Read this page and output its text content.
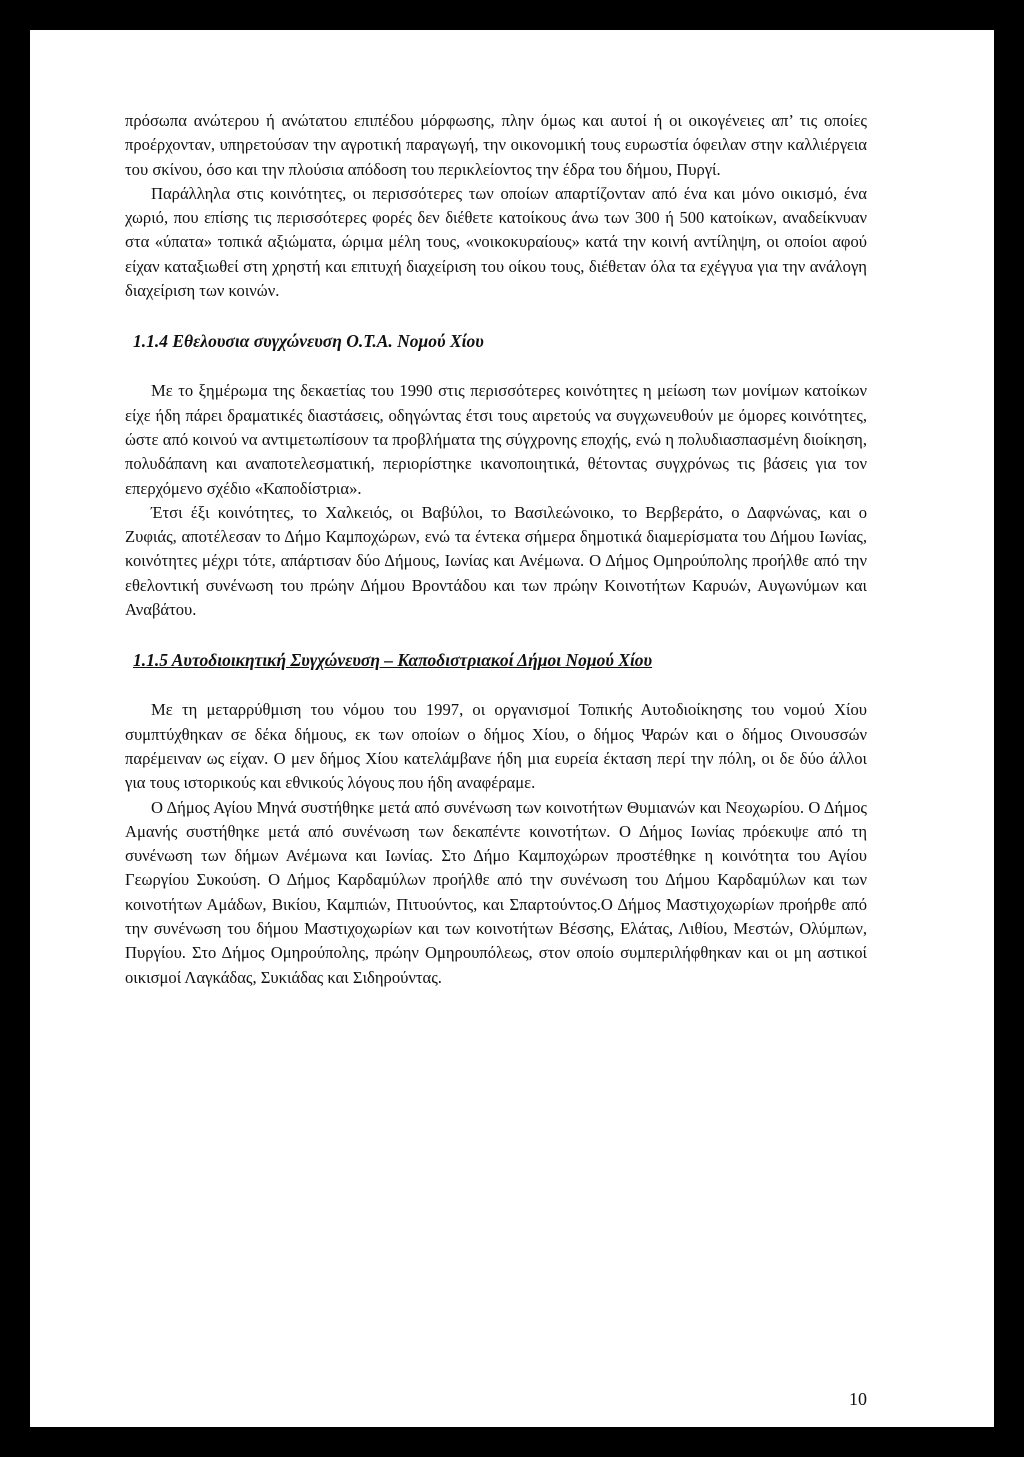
πρόσωπα ανώτερου ή ανώτατου επιπέδου μόρφωσης, πλην όμως και αυτοί ή οι οικογένειες απ’ τις οποίες προέρχονταν, υπηρετούσαν την αγροτική παραγωγή, την οικονομική τους ευρωστία όφειλαν στην καλλιέργεια του σκίνου, όσο και την πλούσια απόδοση του περικλείοντος την έδρα του δήμου, Πυργί.

Παράλληλα στις κοινότητες, οι περισσότερες των οποίων απαρτίζονταν από ένα και μόνο οικισμό, ένα χωριό, που επίσης τις περισσότερες φορές δεν διέθετε κατοίκους άνω των 300 ή 500 κατοίκων, αναδείκνυαν στα «ύπατα» τοπικά αξιώματα, ώριμα μέλη τους, «νοικοκυραίους» κατά την κοινή αντίληψη, οι οποίοι αφού είχαν καταξιωθεί στη χρηστή και επιτυχή διαχείριση του οίκου τους, διέθεταν όλα τα εχέγγυα για την ανάλογη διαχείριση των κοινών.

1.1.4 Εθελουσια συγχώνευση Ο.Τ.Α. Νομού Χίου

Με το ξημέρωμα της δεκαετίας του 1990 στις περισσότερες κοινότητες η μείωση των μονίμων κατοίκων είχε ήδη πάρει δραματικές διαστάσεις, οδηγώντας έτσι τους αιρετούς να συγχωνευθούν με όμορες κοινότητες, ώστε από κοινού να αντιμετωπίσουν τα προβλήματα της σύγχρονης εποχής, ενώ η πολυδιασπασμένη διοίκηση, πολυδάπανη και αναποτελεσματική, περιορίστηκε ικανοποιητικά, θέτοντας συγχρόνως τις βάσεις για τον επερχόμενο σχέδιο «Καποδίστρια».

Έτσι έξι κοινότητες, το Χαλκειός, οι Βαβύλοι, το Βασιλεώνοικο, το Βερβεράτο, ο Δαφνώνας, και ο Ζυφιάς, αποτέλεσαν το Δήμο Καμποχώρων, ενώ τα έντεκα σήμερα δημοτικά διαμερίσματα του Δήμου Ιωνίας, κοινότητες μέχρι τότε, απάρτισαν δύο Δήμους, Ιωνίας και Ανέμωνα. Ο Δήμος Ομηρούπολης προήλθε από την εθελοντική συνένωση του πρώην Δήμου Βροντάδου και των πρώην Κοινοτήτων Καρυών, Αυγωνύμων και Αναβάτου.

1.1.5 Αυτοδιοικητική Συγχώνευση – Καποδιστριακοί Δήμοι Νομού Χίου

Με τη μεταρρύθμιση του νόμου του 1997, οι οργανισμοί Τοπικής Αυτοδιοίκησης του νομού Χίου συμπτύχθηκαν σε δέκα δήμους, εκ των οποίων ο δήμος Χίου, ο δήμος Ψαρών και ο δήμος Οινουσσών παρέμειναν ως είχαν. Ο μεν δήμος Χίου κατελάμβανε ήδη μια ευρεία έκταση περί την πόλη, οι δε δύο άλλοι για τους ιστορικούς και εθνικούς λόγους που ήδη αναφέραμε.

Ο Δήμος Αγίου Μηνά συστήθηκε μετά από συνένωση των κοινοτήτων Θυμιανών και Νεοχωρίου. Ο Δήμος Αμανής συστήθηκε μετά από συνένωση των δεκαπέντε κοινοτήτων. Ο Δήμος Ιωνίας πρόεκυψε από τη συνένωση των δήμων Ανέμωνα και Ιωνίας. Στο Δήμο Καμποχώρων προστέθηκε η κοινότητα του Αγίου Γεωργίου Συκούση. Ο Δήμος Καρδαμύλων προήλθε από την συνένωση του Δήμου Καρδαμύλων και των κοινοτήτων Αμάδων, Βικίου, Καμπιών, Πιτυούντος, και Σπαρτούντος.Ο Δήμος Μαστιχοχωρίων προήρθε από την συνένωση του δήμου Μαστιχοχωρίων και των κοινοτήτων Βέσσης, Ελάτας, Λιθίου, Μεστών, Ολύμπων, Πυργίου. Στο Δήμος Ομηρούπολης, πρώην Ομηρουπόλεως, στον οποίο συμπεριλήφθηκαν και οι μη αστικοί οικισμοί Λαγκάδας, Συκιάδας και Σιδηρούντας.

10
